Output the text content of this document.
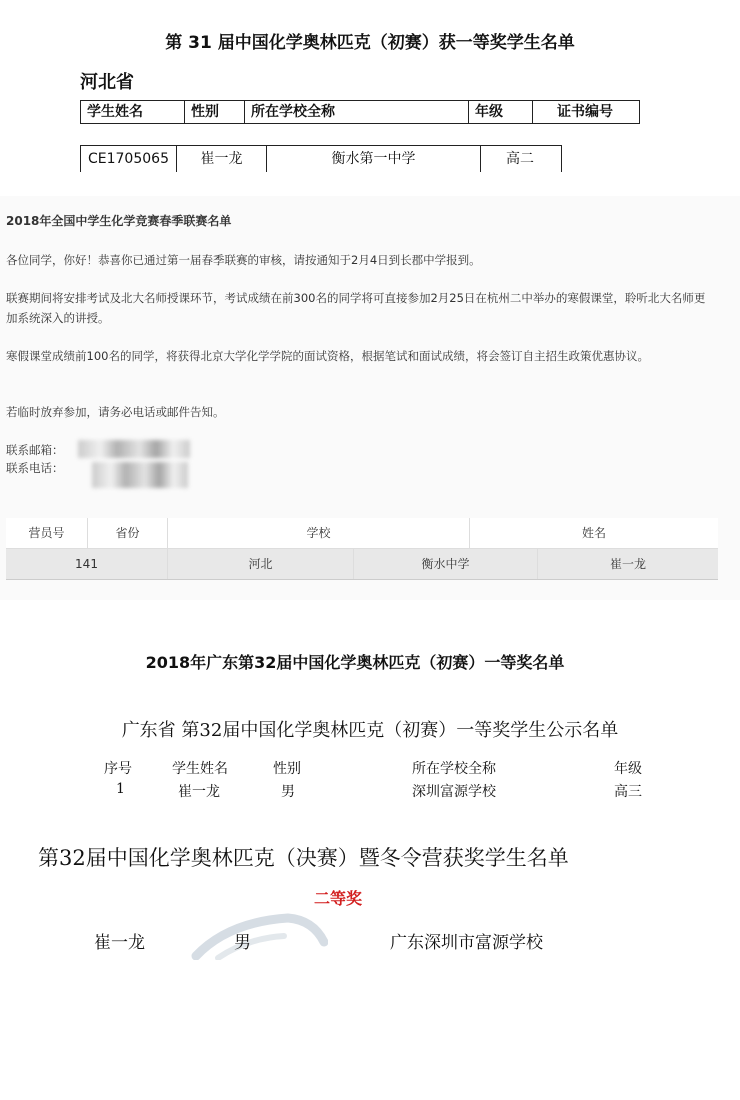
第 31 届中国化学奥林匹克（初赛）获一等奖学生名单
河北省
学生姓名	性别	所在学校全称	年级	证书编号
CE1705065	崔一龙	衡水第一中学	高二
2018年全国中学生化学竞赛春季联赛名单
各位同学，你好！恭喜你已通过第一届春季联赛的审核，请按通知于2月4日到长郡中学报到。
联赛期间将安排考试及北大名师授课环节，考试成绩在前300名的同学将可直接参加2月25日在杭州二中举办的寒假课堂，聆听北大名师更加系统深入的讲授。
寒假课堂成绩前100名的同学，将获得北京大学化学学院的面试资格，根据笔试和面试成绩，将会签订自主招生政策优惠协议。
若临时放弃参加，请务必电话或邮件告知。
联系邮箱：
联系电话：
营员号	省份	学校	姓名
141	河北	衡水中学	崔一龙
2018年广东第32届中国化学奥林匹克（初赛）一等奖名单
广东省 第32届中国化学奥林匹克（初赛）一等奖学生公示名单
序号	学生姓名	性别	所在学校全称	年级
1	崔一龙	男	深圳富源学校	高三
第32届中国化学奥林匹克（决赛）暨冬令营获奖学生名单
二等奖
崔一龙	男	广东深圳市富源学校
